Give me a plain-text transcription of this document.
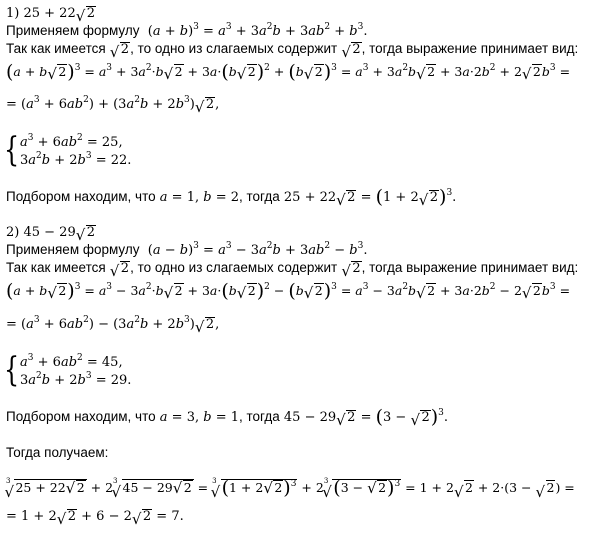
1) 25 + 22√ 2
Применяем формулу $(a + b)^3 = a^3 + 3a^2b + 3ab^2 + b^3$.
Так как имеется √ 2, то одно из слагаемых содержит √ 2, тогда выражение принимает вид:
(a + b√ $2)^3 = a^3 + 3a^2\cdot b√$ 2 + 3a·(b√ 2)$^2$ + (b√ $2)^3 = a^3 + 3a^2b√$ $2 + 3a\cdot 2b^2 + 2√$ $2b^3$ =
= $(a^3 + 6ab^2) + (3a^2b + 2b^3)√$ 2,
{ $a^3 + 6ab^2 = 25$,
$3a^2b + 2b^3 = 22$.
Подбором находим, что a = 1, b = 2, тогда 25 + 22√ 2 = (1 + 2√ 2)$^3$.
2) 45 − 29√ 2
Применяем формулу $(a - b)^3 = a^3 - 3a^2b + 3ab^2 - b^3$.
Так как имеется √ 2, то одно из слагаемых содержит √ 2, тогда выражение принимает вид:
(a + b√ $2)^3 = a^3 - 3a^2\cdot b√$ 2 + 3a·(b√ 2)$^2$ − (b√ $2)^3 = a^3 - 3a^2b√$ $2 + 3a\cdot 2b^2 - 2√$ $2b^3$ =
= $(a^3 + 6ab^2) - (3a^2b + 2b^3)√$ 2,
{ $a^3 + 6ab^2 = 45$,
$3a^2b + 2b^3 = 29$.
Подбором находим, что a = 3, b = 1, тогда 45 − 29√ 2 = (3 − √ 2)$^3$.
Тогда получаем:
$^3$√ 25 + 22√ $2 + 2^3√$ 45 − 29√ 2 = $^3$√ (1 + 2√ $2)^3 + 2^3√$ (3 − √ 2)$^3$ = 1 + 2√ 2 + 2·(3 − √ 2) =
= 1 + 2√ 2 + 6 − 2√ 2 = 7.
